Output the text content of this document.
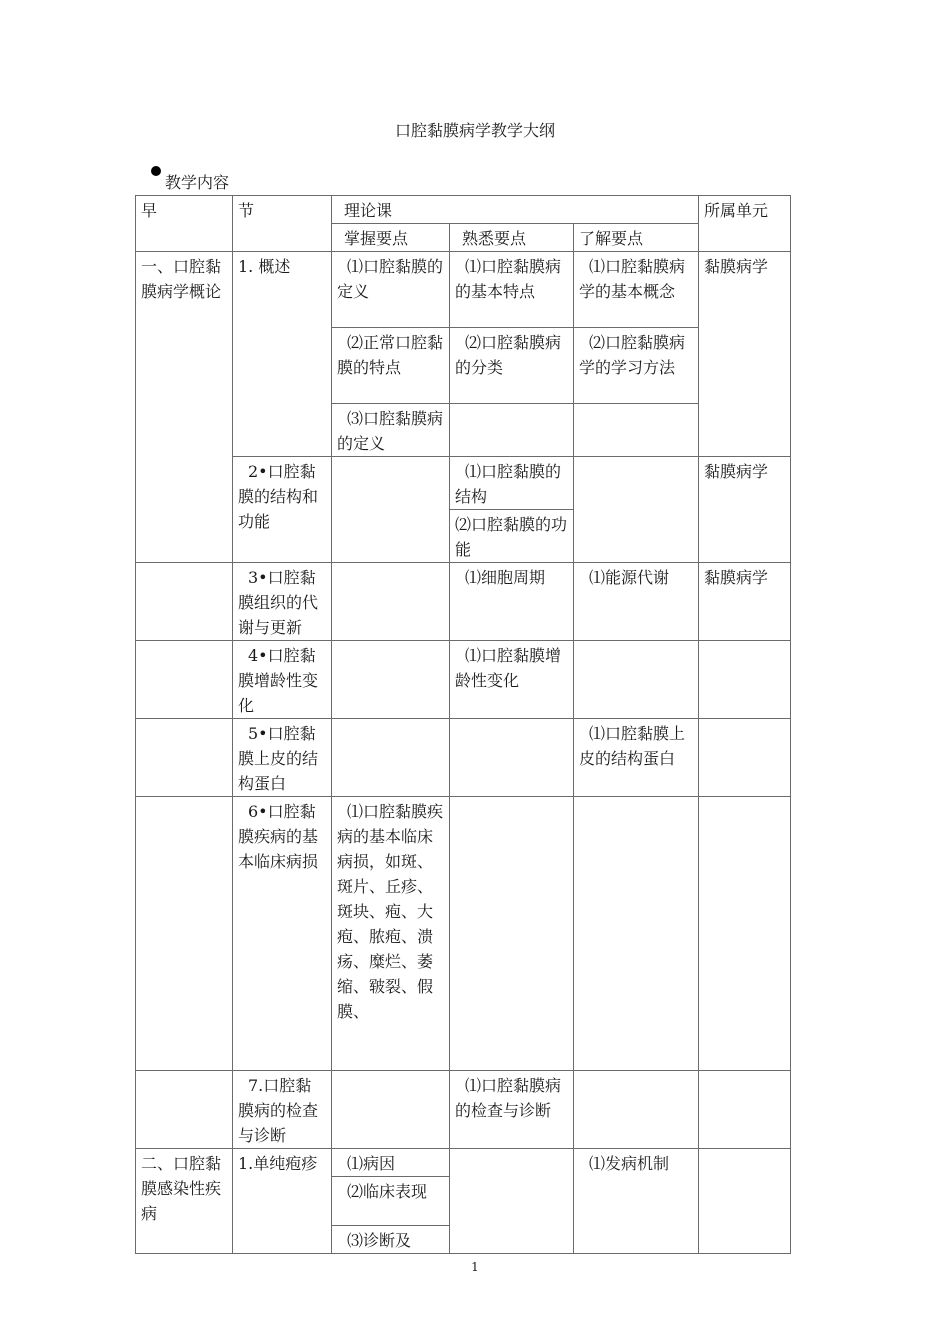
口腔黏膜病学教学大纲
教学内容
早	节	理论课			所属单元
		掌握要点	熟悉要点	了解要点	
一、口腔黏膜病学概论	1. 概述	⑴口腔黏膜的定义	⑴口腔黏膜病的基本特点	⑴口腔黏膜病学的基本概念	黏膜病学
		⑵正常口腔黏膜的特点	⑵口腔黏膜病的分类	⑵口腔黏膜病学的学习方法	
		⑶口腔黏膜病的定义			
	2•口腔黏膜的结构和功能		⑴口腔黏膜的结构		黏膜病学
			⑵口腔黏膜的功能		
	3•口腔黏膜组织的代谢与更新		⑴细胞周期	⑴能源代谢	黏膜病学
	4•口腔黏膜增龄性变化		⑴口腔黏膜增龄性变化		
	5•口腔黏膜上皮的结构蛋白			⑴口腔黏膜上皮的结构蛋白	
	6•口腔黏膜疾病的基本临床病损	⑴口腔黏膜疾病的基本临床病损，如斑、斑片、丘疹、斑块、疱、大疱、脓疱、溃疡、糜烂、萎缩、皲裂、假膜、			
	7.口腔黏膜病的检查与诊断		⑴口腔黏膜病的检查与诊断		
二、口腔黏膜感染性疾病	1.单纯疱疹	⑴病因		⑴发病机制	
		⑵临床表现			
		⑶诊断及			
1
